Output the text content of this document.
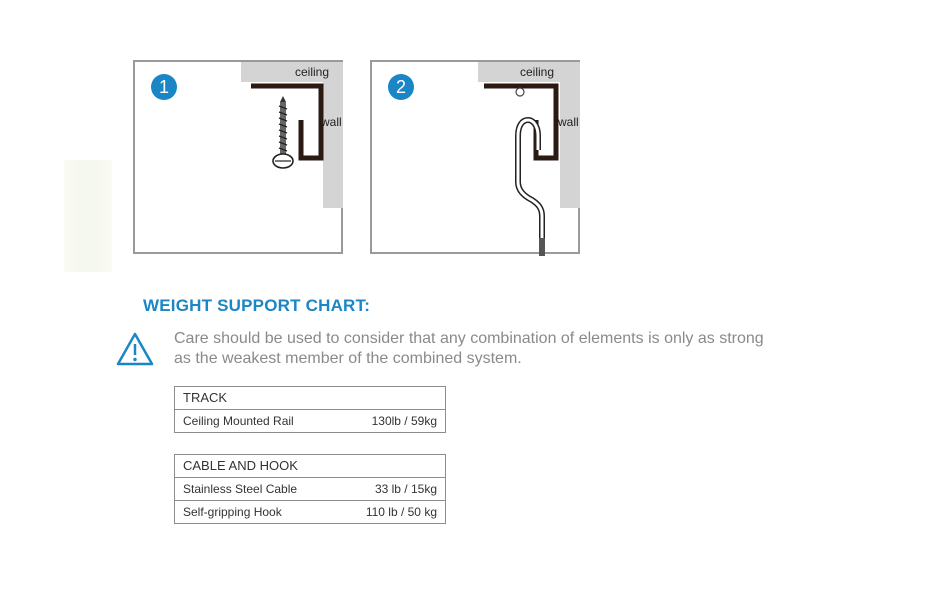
1
ceiling
wall
2
ceiling
wall
WEIGHT SUPPORT CHART:
Care should be used to consider that any combination of elements is only as strong
as the weakest member of the combined system.
TRACK
Ceiling Mounted Rail	130lb / 59kg
CABLE AND HOOK
Stainless Steel Cable	33 lb / 15kg
Self-gripping Hook	110 lb / 50 kg
